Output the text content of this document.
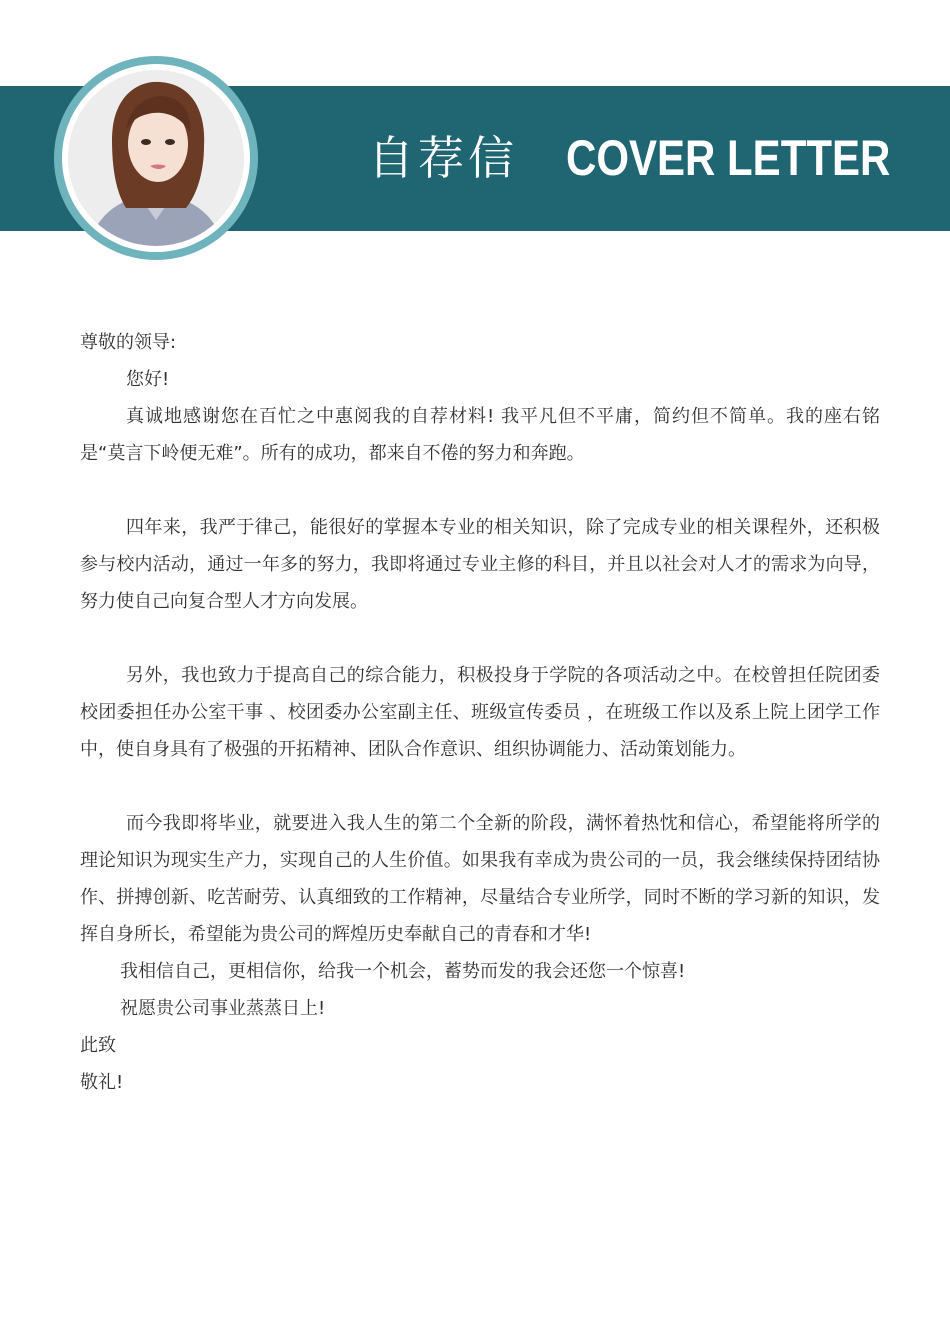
自荐信 COVER LETTER

尊敬的领导:

您好!

真诚地感谢您在百忙之中惠阅我的自荐材料! 我平凡但不平庸，简约但不简单。我的座右铭是“莫言下岭便无难”。所有的成功，都来自不倦的努力和奔跑。

四年来，我严于律己，能很好的掌握本专业的相关知识，除了完成专业的相关课程外，还积极参与校内活动，通过一年多的努力，我即将通过专业主修的科目，并且以社会对人才的需求为向导，努力使自己向复合型人才方向发展。

另外，我也致力于提高自己的综合能力，积极投身于学院的各项活动之中。在校曾担任院团委校团委担任办公室干事 、校团委办公室副主任、班级宣传委员 ，在班级工作以及系上院上团学工作中，使自身具有了极强的开拓精神、团队合作意识、组织协调能力、活动策划能力。

而今我即将毕业，就要进入我人生的第二个全新的阶段，满怀着热忱和信心，希望能将所学的理论知识为现实生产力，实现自己的人生价值。如果我有幸成为贵公司的一员，我会继续保持团结协作、拼搏创新、吃苦耐劳、认真细致的工作精神，尽量结合专业所学，同时不断的学习新的知识，发挥自身所长，希望能为贵公司的辉煌历史奉献自己的青春和才华!

我相信自己，更相信你，给我一个机会，蓄势而发的我会还您一个惊喜!

祝愿贵公司事业蒸蒸日上!

此致

敬礼!
